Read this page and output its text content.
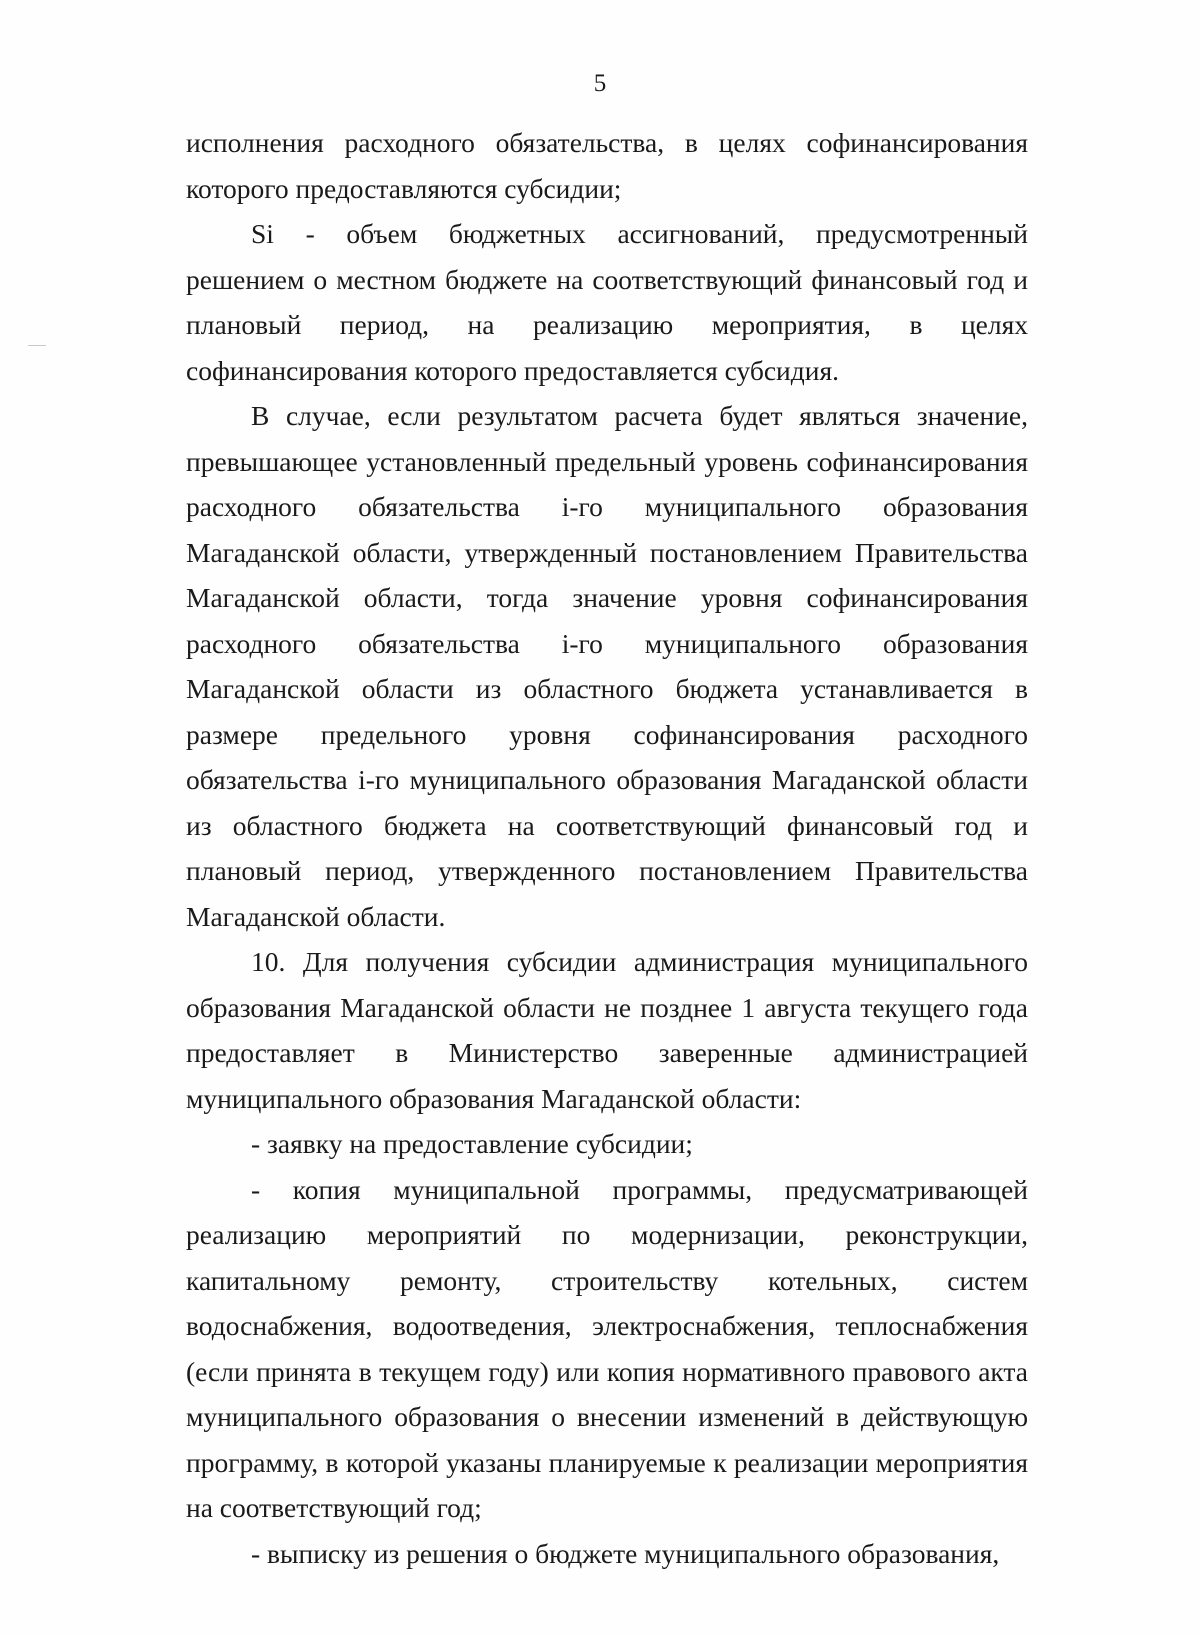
5

исполнения расходного обязательства, в целях софинансирования которого предоставляются субсидии;

Si - объем бюджетных ассигнований, предусмотренный решением о местном бюджете на соответствующий финансовый год и плановый период, на реализацию мероприятия, в целях софинансирования которого предоставляется субсидия.

В случае, если результатом расчета будет являться значение, превышающее установленный предельный уровень софинансирования расходного обязательства i-го муниципального образования Магаданской области, утвержденный постановлением Правительства Магаданской области, тогда значение уровня софинансирования расходного обязательства i-го муниципального образования Магаданской области из областного бюджета устанавливается в размере предельного уровня софинансирования расходного обязательства i-го муниципального образования Магаданской области из областного бюджета на соответствующий финансовый год и плановый период, утвержденного постановлением Правительства Магаданской области.

10. Для получения субсидии администрация муниципального образования Магаданской области не позднее 1 августа текущего года предоставляет в Министерство заверенные администрацией муниципального образования Магаданской области:

- заявку на предоставление субсидии;

- копия муниципальной программы, предусматривающей реализацию мероприятий по модернизации, реконструкции, капитальному ремонту, строительству котельных, систем водоснабжения, водоотведения, электроснабжения, теплоснабжения (если принята в текущем году) или копия нормативного правового акта муниципального образования о внесении изменений в действующую программу, в которой указаны планируемые к реализации мероприятия на соответствующий год;

- выписку из решения о бюджете муниципального образования,
